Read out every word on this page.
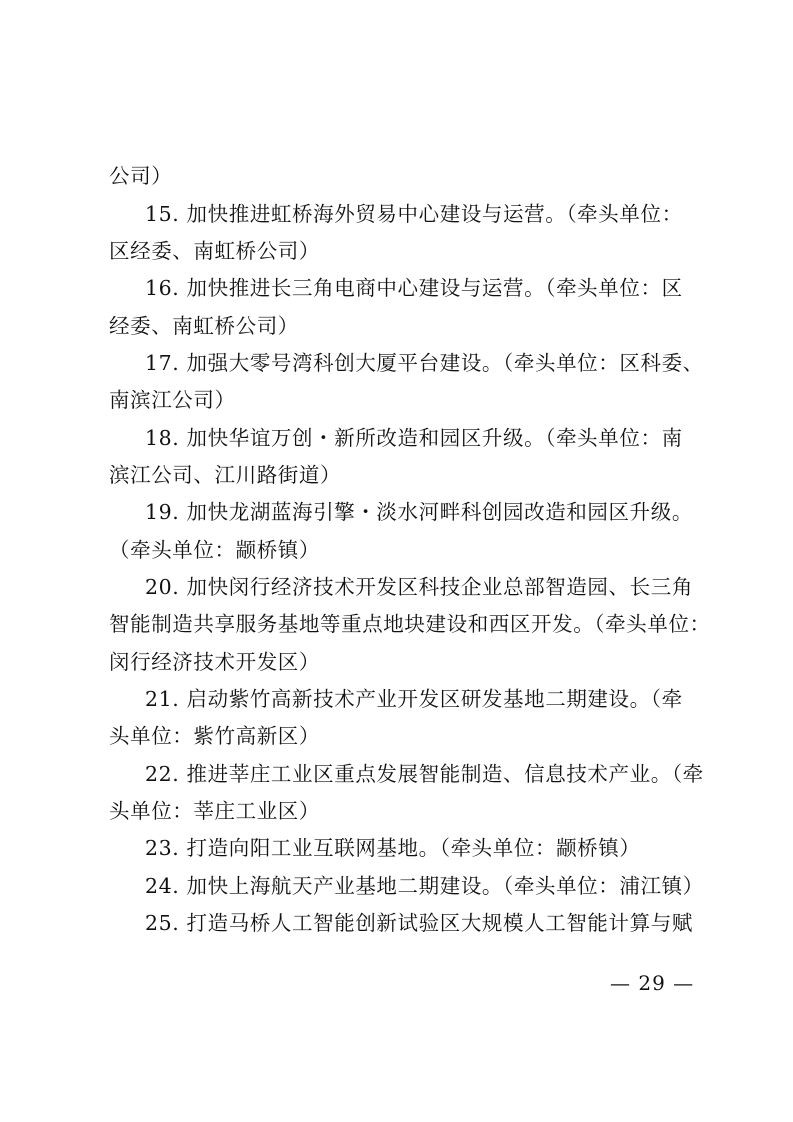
公司）
15. 加快推进虹桥海外贸易中心建设与运营。（牵头单位：
区经委、南虹桥公司）
16. 加快推进长三角电商中心建设与运营。（牵头单位：区
经委、南虹桥公司）
17. 加强大零号湾科创大厦平台建设。（牵头单位：区科委、
南滨江公司）
18. 加快华谊万创・新所改造和园区升级。（牵头单位：南
滨江公司、江川路街道）
19. 加快龙湖蓝海引擎・淡水河畔科创园改造和园区升级。
（牵头单位：颛桥镇）
20. 加快闵行经济技术开发区科技企业总部智造园、长三角
智能制造共享服务基地等重点地块建设和西区开发。（牵头单位：
闵行经济技术开发区）
21. 启动紫竹高新技术产业开发区研发基地二期建设。（牵
头单位：紫竹高新区）
22. 推进莘庄工业区重点发展智能制造、信息技术产业。（牵
头单位：莘庄工业区）
23. 打造向阳工业互联网基地。（牵头单位：颛桥镇）
24. 加快上海航天产业基地二期建设。（牵头单位：浦江镇）
25. 打造马桥人工智能创新试验区大规模人工智能计算与赋
— 29 —
